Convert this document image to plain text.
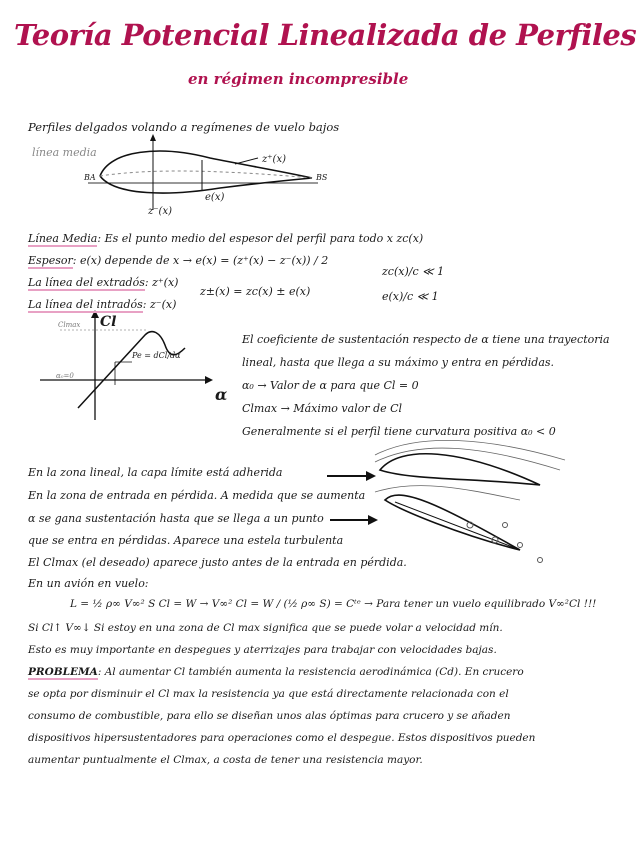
Teoría Potencial Linealizada de Perfiles
en régimen incompresible
Perfiles delgados volando a regímenes de vuelo bajos
línea media
z⁺(x)
z⁻(x)
e(x)
BA	BS
Cl
α
Clmax
α₀=0
Pe = dCl/dα
Línea Media: Es el punto medio del espesor del perfil para todo x zc(x)
Espesor: e(x) depende de x → e(x) = (z⁺(x) − z⁻(x)) / 2
La línea del extradós: z⁺(x)
La línea del intradós: z⁻(x)
z±(x) = zc(x) ± e(x)
zc(x)/c ≪ 1
e(x)/c ≪ 1
El coeficiente de sustentación respecto de α tiene una trayectoria
lineal, hasta que llega a su máximo y entra en pérdidas.
α₀ → Valor de α para que Cl = 0
Clmax → Máximo valor de Cl
Generalmente si el perfil tiene curvatura positiva α₀ < 0
En la zona lineal, la capa límite está adherida
En la zona de entrada en pérdida. A medida que se aumenta
α se gana sustentación hasta que se llega a un punto
que se entra en pérdidas. Aparece una estela turbulenta
El Clmax (el deseado) aparece justo antes de la entrada en pérdida.
En un avión en vuelo:
L = ½ ρ∞ V∞² S Cl = W → V∞² Cl = W / (½ ρ∞ S) = Cᵗᵉ → Para tener un vuelo equilibrado V∞²Cl !!!
Si Cl↑ V∞↓ Si estoy en una zona de Cl max significa que se puede volar a velocidad mín.
Esto es muy importante en despegues y aterrizajes para trabajar con velocidades bajas.
PROBLEMA: Al aumentar Cl también aumenta la resistencia aerodinámica (Cd). En crucero
se opta por disminuir el Cl max la resistencia ya que está directamente relacionada con el
consumo de combustible, para ello se diseñan unos alas óptimas para crucero y se añaden
dispositivos hipersustentadores para operaciones como el despegue. Estos dispositivos pueden
aumentar puntualmente el Clmax, a costa de tener una resistencia mayor.
